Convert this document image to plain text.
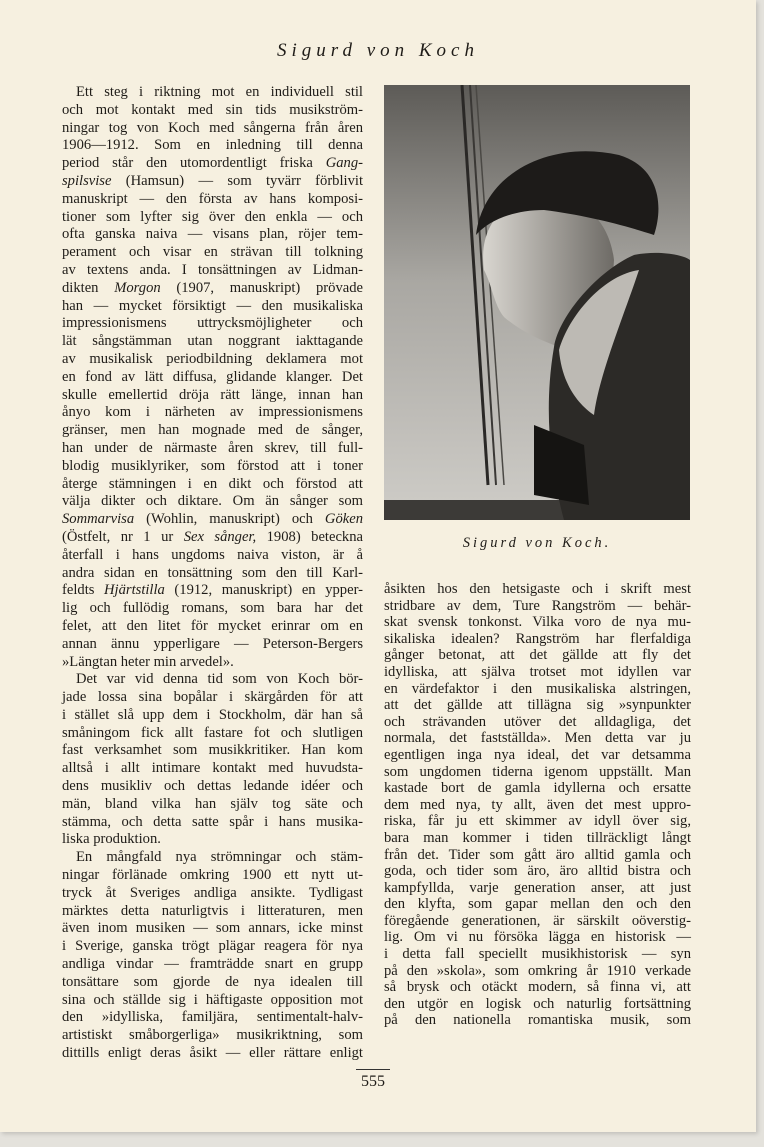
Sigurd von Koch
Ett steg i riktning mot en individuell stil
och mot kontakt med sin tids musikström-
ningar tog von Koch med sångerna från åren
1906—1912. Som en inledning till denna
period står den utomordentligt friska Gang-
spilsvise (Hamsun) — som tyvärr förblivit
manuskript — den första av hans komposi-
tioner som lyfter sig över den enkla — och
ofta ganska naiva — visans plan, röjer tem-
perament och visar en strävan till tolkning
av textens anda. I tonsättningen av Lidman-
dikten Morgon (1907, manuskript) prövade
han — mycket försiktigt — den musikaliska
impressionismens uttrycksmöjligheter och
lät sångstämman utan noggrant iakttagande
av musikalisk periodbildning deklamera mot
en fond av lätt diffusa, glidande klanger. Det
skulle emellertid dröja rätt länge, innan han
ånyo kom i närheten av impressionismens
gränser, men han mognade med de sånger,
han under de närmaste åren skrev, till full-
blodig musiklyriker, som förstod att i toner
återge stämningen i en dikt och förstod att
välja dikter och diktare. Om än sånger som
Sommarvisa (Wohlin, manuskript) och Göken
(Östfelt, nr 1 ur Sex sånger, 1908) beteckna
återfall i hans ungdoms naiva viston, är å
andra sidan en tonsättning som den till Karl-
feldts Hjärtstilla (1912, manuskript) en ypper-
lig och fullödig romans, som bara har det
felet, att den litet för mycket erinrar om en
annan ännu ypperligare — Peterson-Bergers
»Längtan heter min arvedel».
Det var vid denna tid som von Koch bör-
jade lossa sina bopålar i skärgården för att
i stället slå upp dem i Stockholm, där han så
småningom fick allt fastare fot och slutligen
fast verksamhet som musikkritiker. Han kom
alltså i allt intimare kontakt med huvudsta-
dens musikliv och dettas ledande idéer och
män, bland vilka han själv tog säte och
stämma, och detta satte spår i hans musika-
liska produktion.
En mångfald nya strömningar och stäm-
ningar förlänade omkring 1900 ett nytt ut-
tryck åt Sveriges andliga ansikte. Tydligast
märktes detta naturligtvis i litteraturen, men
även inom musiken — som annars, icke minst
i Sverige, ganska trögt plägar reagera för nya
andliga vindar — framträdde snart en grupp
tonsättare som gjorde de nya idealen till
sina och ställde sig i häftigaste opposition mot
den »idylliska, familjära, sentimentalt-halv-
artistiskt småborgerliga» musikriktning, som
dittills enligt deras åsikt — eller rättare enligt
Sigurd von Koch.
åsikten hos den hetsigaste och i skrift mest
stridbare av dem, Ture Rangström — behär-
skat svensk tonkonst. Vilka voro de nya mu-
sikaliska idealen? Rangström har flerfaldiga
gånger betonat, att det gällde att fly det
idylliska, att själva trotset mot idyllen var
en värdefaktor i den musikaliska alstringen,
att det gällde att tillägna sig »synpunkter
och strävanden utöver det alldagliga, det
normala, det fastställda». Men detta var ju
egentligen inga nya ideal, det var detsamma
som ungdomen tiderna igenom uppställt. Man
kastade bort de gamla idyllerna och ersatte
dem med nya, ty allt, även det mest uppro-
riska, får ju ett skimmer av idyll över sig,
bara man kommer i tiden tillräckligt långt
från det. Tider som gått äro alltid gamla och
goda, och tider som äro, äro alltid bistra och
kampfyllda, varje generation anser, att just
den klyfta, som gapar mellan den och den
föregående generationen, är särskilt oöverstig-
lig. Om vi nu försöka lägga en historisk —
i detta fall speciellt musikhistorisk — syn
på den »skola», som omkring år 1910 verkade
så brysk och otäckt modern, så finna vi, att
den utgör en logisk och naturlig fortsättning
på den nationella romantiska musik, som
555
